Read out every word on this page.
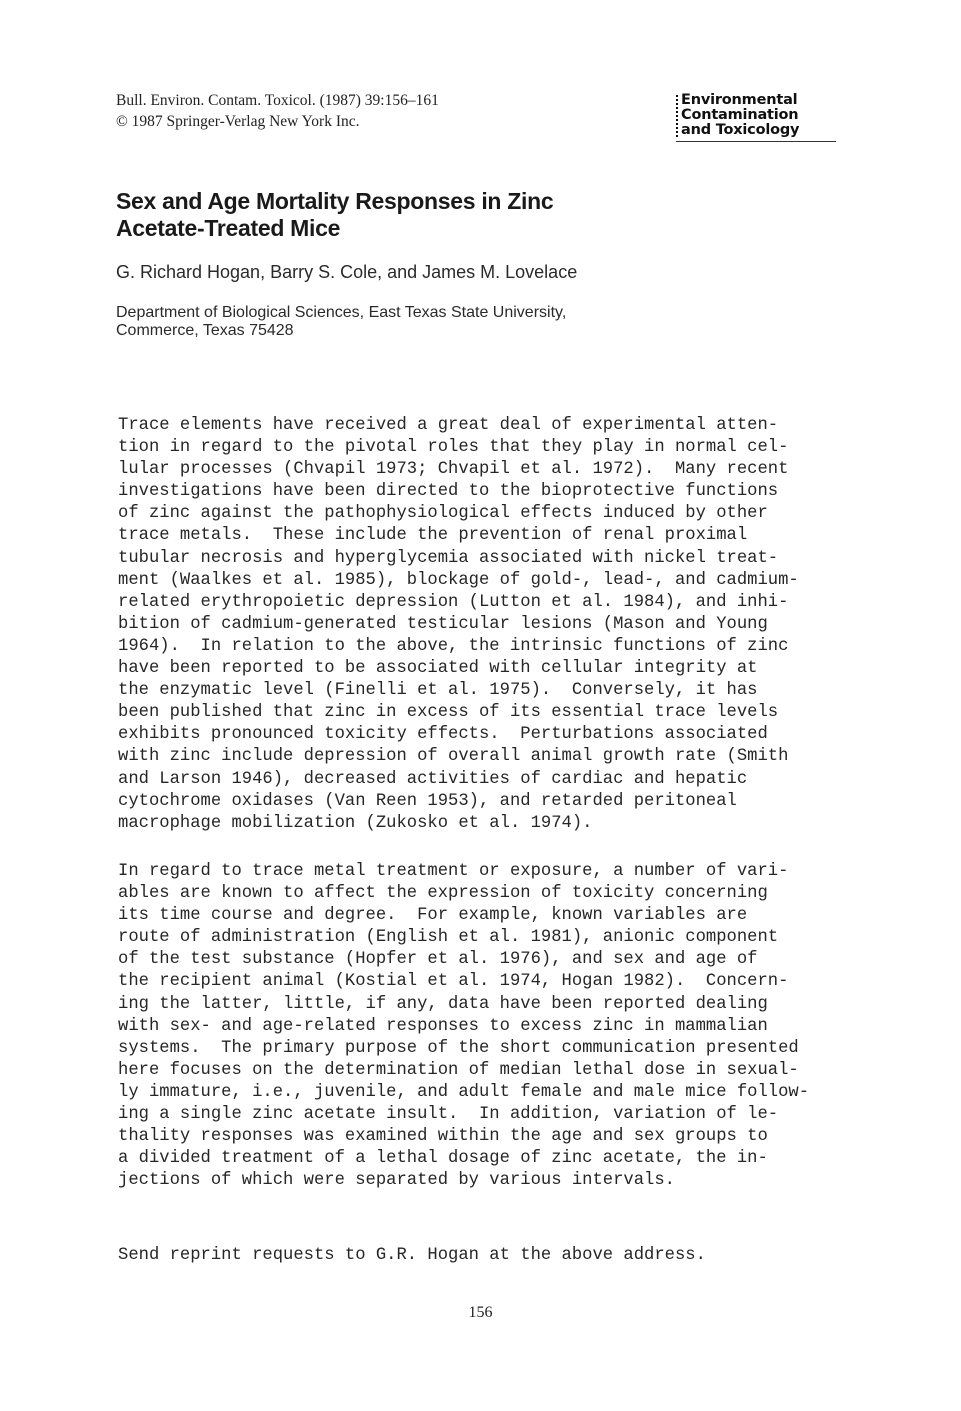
Bull. Environ. Contam. Toxicol. (1987) 39:156–161
© 1987 Springer-Verlag New York Inc.
Environmental
Contamination
and Toxicology
Sex and Age Mortality Responses in Zinc
Acetate-Treated Mice
G. Richard Hogan, Barry S. Cole, and James M. Lovelace
Department of Biological Sciences, East Texas State University,
Commerce, Texas 75428

Trace elements have received a great deal of experimental atten-
tion in regard to the pivotal roles that they play in normal cel-
lular processes (Chvapil 1973; Chvapil et al. 1972).  Many recent
investigations have been directed to the bioprotective functions
of zinc against the pathophysiological effects induced by other
trace metals.  These include the prevention of renal proximal
tubular necrosis and hyperglycemia associated with nickel treat-
ment (Waalkes et al. 1985), blockage of gold-, lead-, and cadmium-
related erythropoietic depression (Lutton et al. 1984), and inhi-
bition of cadmium-generated testicular lesions (Mason and Young
1964).  In relation to the above, the intrinsic functions of zinc
have been reported to be associated with cellular integrity at
the enzymatic level (Finelli et al. 1975).  Conversely, it has
been published that zinc in excess of its essential trace levels
exhibits pronounced toxicity effects.  Perturbations associated
with zinc include depression of overall animal growth rate (Smith
and Larson 1946), decreased activities of cardiac and hepatic
cytochrome oxidases (Van Reen 1953), and retarded peritoneal
macrophage mobilization (Zukosko et al. 1974).

In regard to trace metal treatment or exposure, a number of vari-
ables are known to affect the expression of toxicity concerning
its time course and degree.  For example, known variables are
route of administration (English et al. 1981), anionic component
of the test substance (Hopfer et al. 1976), and sex and age of
the recipient animal (Kostial et al. 1974, Hogan 1982).  Concern-
ing the latter, little, if any, data have been reported dealing
with sex- and age-related responses to excess zinc in mammalian
systems.  The primary purpose of the short communication presented
here focuses on the determination of median lethal dose in sexual-
ly immature, i.e., juvenile, and adult female and male mice follow-
ing a single zinc acetate insult.  In addition, variation of le-
thality responses was examined within the age and sex groups to
a divided treatment of a lethal dosage of zinc acetate, the in-
jections of which were separated by various intervals.

Send reprint requests to G.R. Hogan at the above address.

156
